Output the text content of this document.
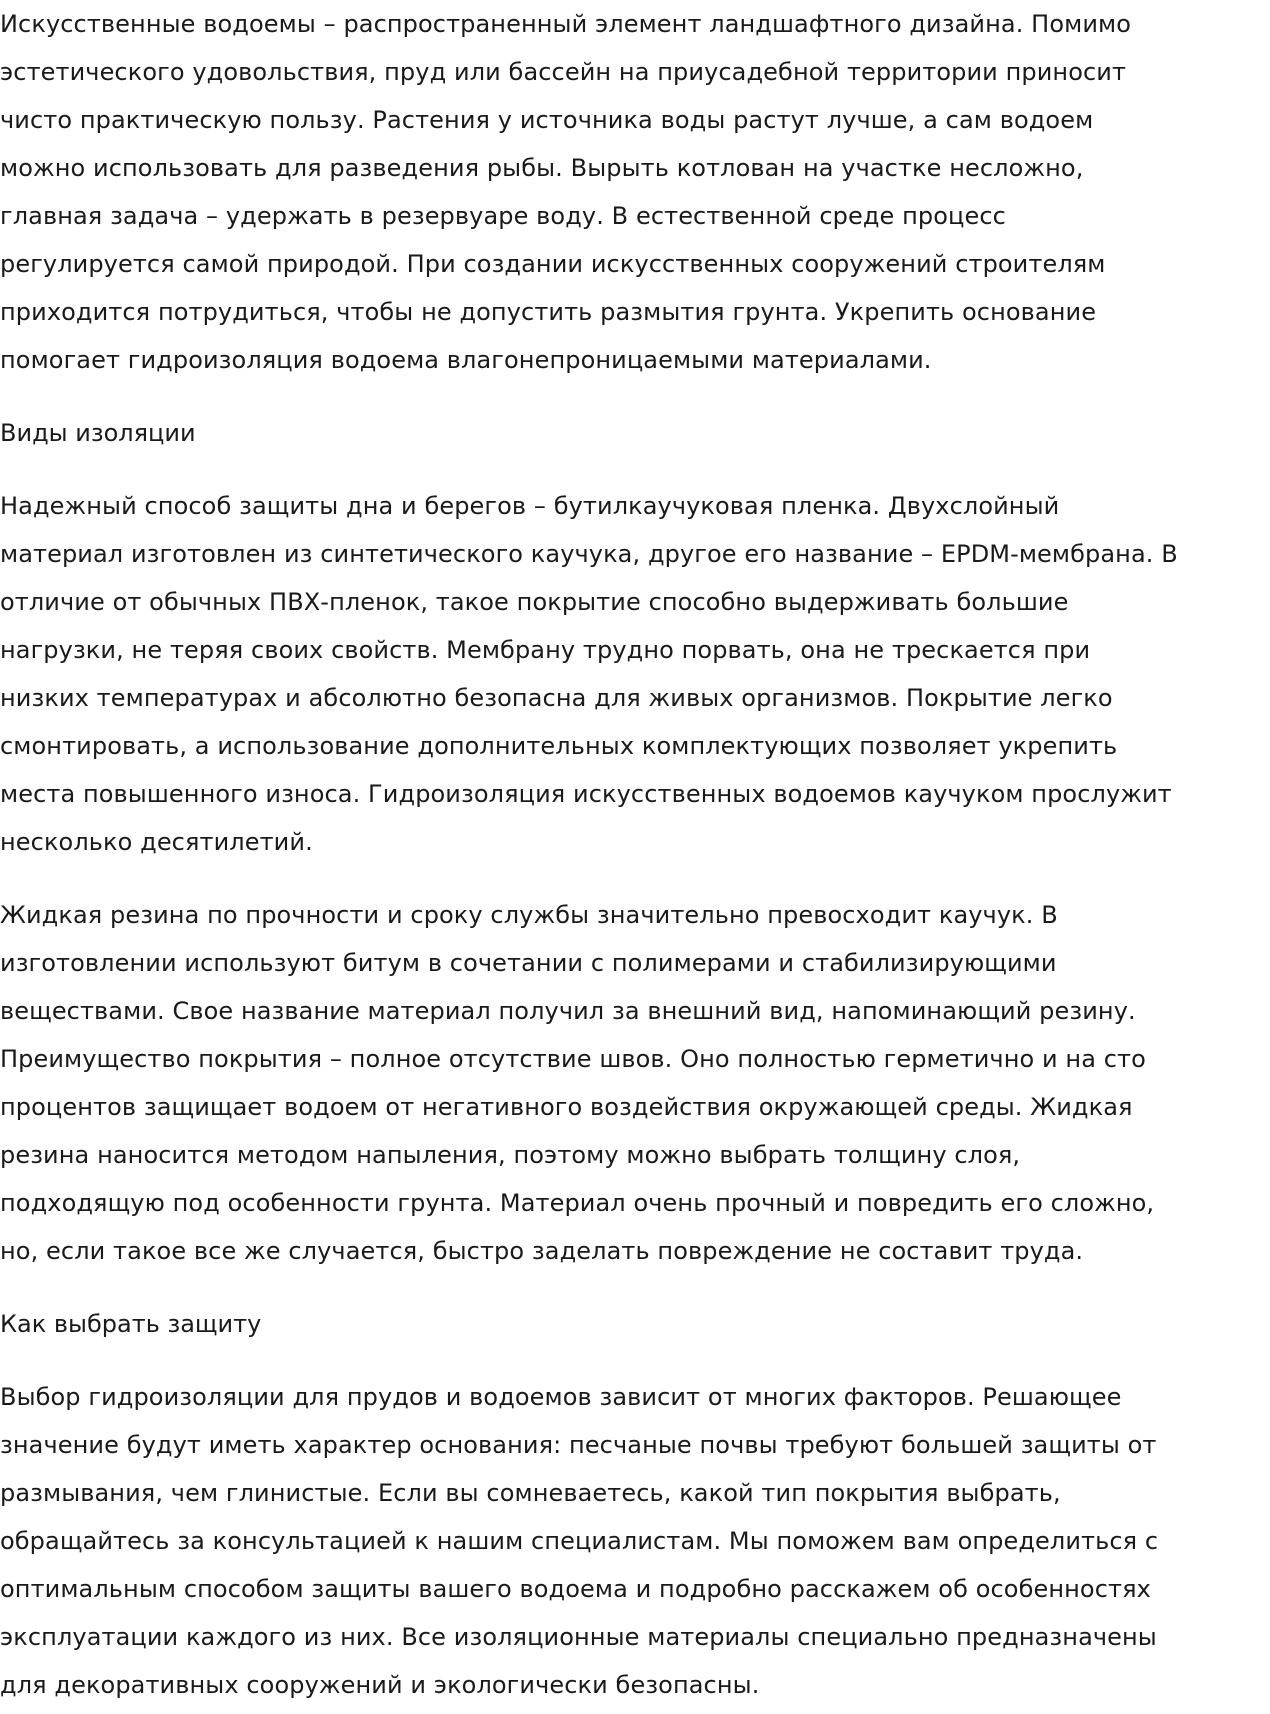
Искусственные водоемы – распространенный элемент ландшафтного дизайна. Помимо
эстетического удовольствия, пруд или бассейн на приусадебной территории приносит
чисто практическую пользу. Растения у источника воды растут лучше, а сам водоем
можно использовать для разведения рыбы. Вырыть котлован на участке несложно,
главная задача – удержать в резервуаре воду. В естественной среде процесс
регулируется самой природой. При создании искусственных сооружений строителям
приходится потрудиться, чтобы не допустить размытия грунта. Укрепить основание
помогает гидроизоляция водоема влагонепроницаемыми материалами.

Виды изоляции

Надежный способ защиты дна и берегов – бутилкаучуковая пленка. Двухслойный
материал изготовлен из синтетического каучука, другое его название – EPDM-мембрана. В
отличие от обычных ПВХ-пленок, такое покрытие способно выдерживать большие
нагрузки, не теряя своих свойств. Мембрану трудно порвать, она не трескается при
низких температурах и абсолютно безопасна для живых организмов. Покрытие легко
смонтировать, а использование дополнительных комплектующих позволяет укрепить
места повышенного износа. Гидроизоляция искусственных водоемов каучуком прослужит
несколько десятилетий.

Жидкая резина по прочности и сроку службы значительно превосходит каучук. В
изготовлении используют битум в сочетании с полимерами и стабилизирующими
веществами. Свое название материал получил за внешний вид, напоминающий резину.
Преимущество покрытия – полное отсутствие швов. Оно полностью герметично и на сто
процентов защищает водоем от негативного воздействия окружающей среды. Жидкая
резина наносится методом напыления, поэтому можно выбрать толщину слоя,
подходящую под особенности грунта. Материал очень прочный и повредить его сложно,
но, если такое все же случается, быстро заделать повреждение не составит труда.

Как выбрать защиту

Выбор гидроизоляции для прудов и водоемов зависит от многих факторов. Решающее
значение будут иметь характер основания: песчаные почвы требуют большей защиты от
размывания, чем глинистые. Если вы сомневаетесь, какой тип покрытия выбрать,
обращайтесь за консультацией к нашим специалистам. Мы поможем вам определиться с
оптимальным способом защиты вашего водоема и подробно расскажем об особенностях
эксплуатации каждого из них. Все изоляционные материалы специально предназначены
для декоративных сооружений и экологически безопасны.
